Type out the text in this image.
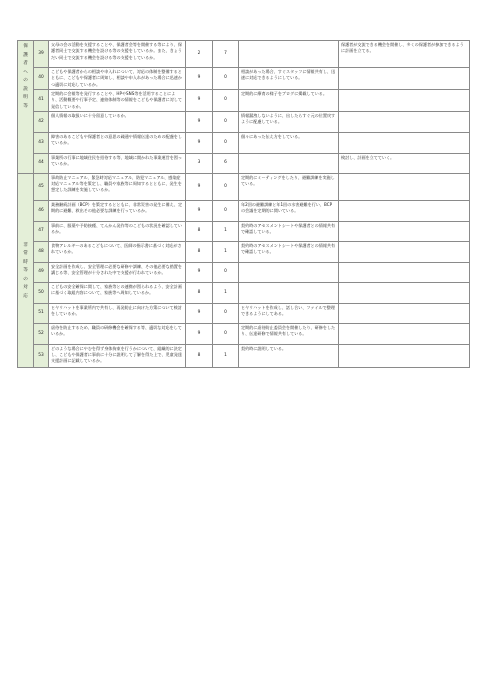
保護者への説明等	39	父母の会の活動を支援することや、保護者会等を開催する等により、保護者同士で交流する機会を設ける等の支援をしているか。また、きょうだい同士で交流する機会を設ける等の支援をしているか。	2	7		保護者が交流できる機会を開催し、多くの保護者が参加できるように計画を立てる。
	40	こどもや保護者からの相談や申入れについて、対応の体制を整備するとともに、こどもや保護者に周知し、相談や申入れがあった場合に迅速かつ適切に対応しているか。	9	0	相談があった場合、すぐスタッフに情報共有し、迅速に対応できるようにしている。	
	41	定期的に会報等を発行することや、HPやSNS等を活用することにより、活動概要や行事予定、連絡体制等の情報をこどもや保護者に対して発信しているか。	9	0	定期的に療育の様子をブログに掲載している。	
	42	個人情報の取扱いに十分留意しているか。	9	0	情報漏洩しないように、出したらすぐ元の位置戻すように配慮している。	
	43	障害のあるこどもや保護者との意思の疎通や情報伝達のための配慮をしているか。	9	0	個々にあった伝え方をしている。	
	44	事業所の行事に地域住民を招待する等、地域に開かれた事業運営を図っているか。	3	6		検討し、計画を立てていく。
非常時等の対応	45	事故防止マニュアル、緊急時対応マニュアル、防犯マニュアル、感染症対応マニュアル等を策定し、職員や家族等に周知するとともに、発生を想定した訓練を実施しているか。	9	0	定期的にミーティングをしたり、避難訓練を実施している。	
	46	業務継続計画（BCP）を策定するとともに、非常災害の発生に備え、定期的に避難、救出その他必要な訓練を行っているか。	9	0	年2回の避難訓練と年1回の水害避難を行い、BCPの会議を定期的に開いている。	
	47	事前に、服薬や予防接種、てんかん発作等のこどもの状況を確認しているか。	8	1	契約時のアセスメントシートや保護者との情報共有で確認している。	
	48	食物アレルギーのあるこどもについて、医師の指示書に基づく対応がされているか。	8	1	契約時のアセスメントシートや保護者との情報共有で確認している。	
	49	安全計画を作成し、安全管理に必要な研修や訓練、その他必要な措置を講じる等、安全管理が十分された中で支援が行われているか。	9	0		
	50	こどもの安全確保に関して、家族等との連携が図られるよう、安全計画に基づく取組内容について、家族等へ周知しているか。	8	1		
	51	ヒヤリハットを事業所内で共有し、再発防止に向けた方策について検討をしているか。	9	0	ヒヤリハットを作成し、話し合い、ファイルで整理できるようにしてある。	
	52	虐待を防止するため、職員の研修機会を確保する等、適切な対応をしているか。	9	0	定期的に虐待防止委員会を開催したり、研修をしたり、伝達研修で情報共有している。	
	53	どのような場合にやむを得ず身体拘束を行うかについて、組織的に決定し、こどもや保護者に事前に十分に説明して了解を得た上で、児童発達支援計画に記載しているか。	8	1	契約時に説明している。	
